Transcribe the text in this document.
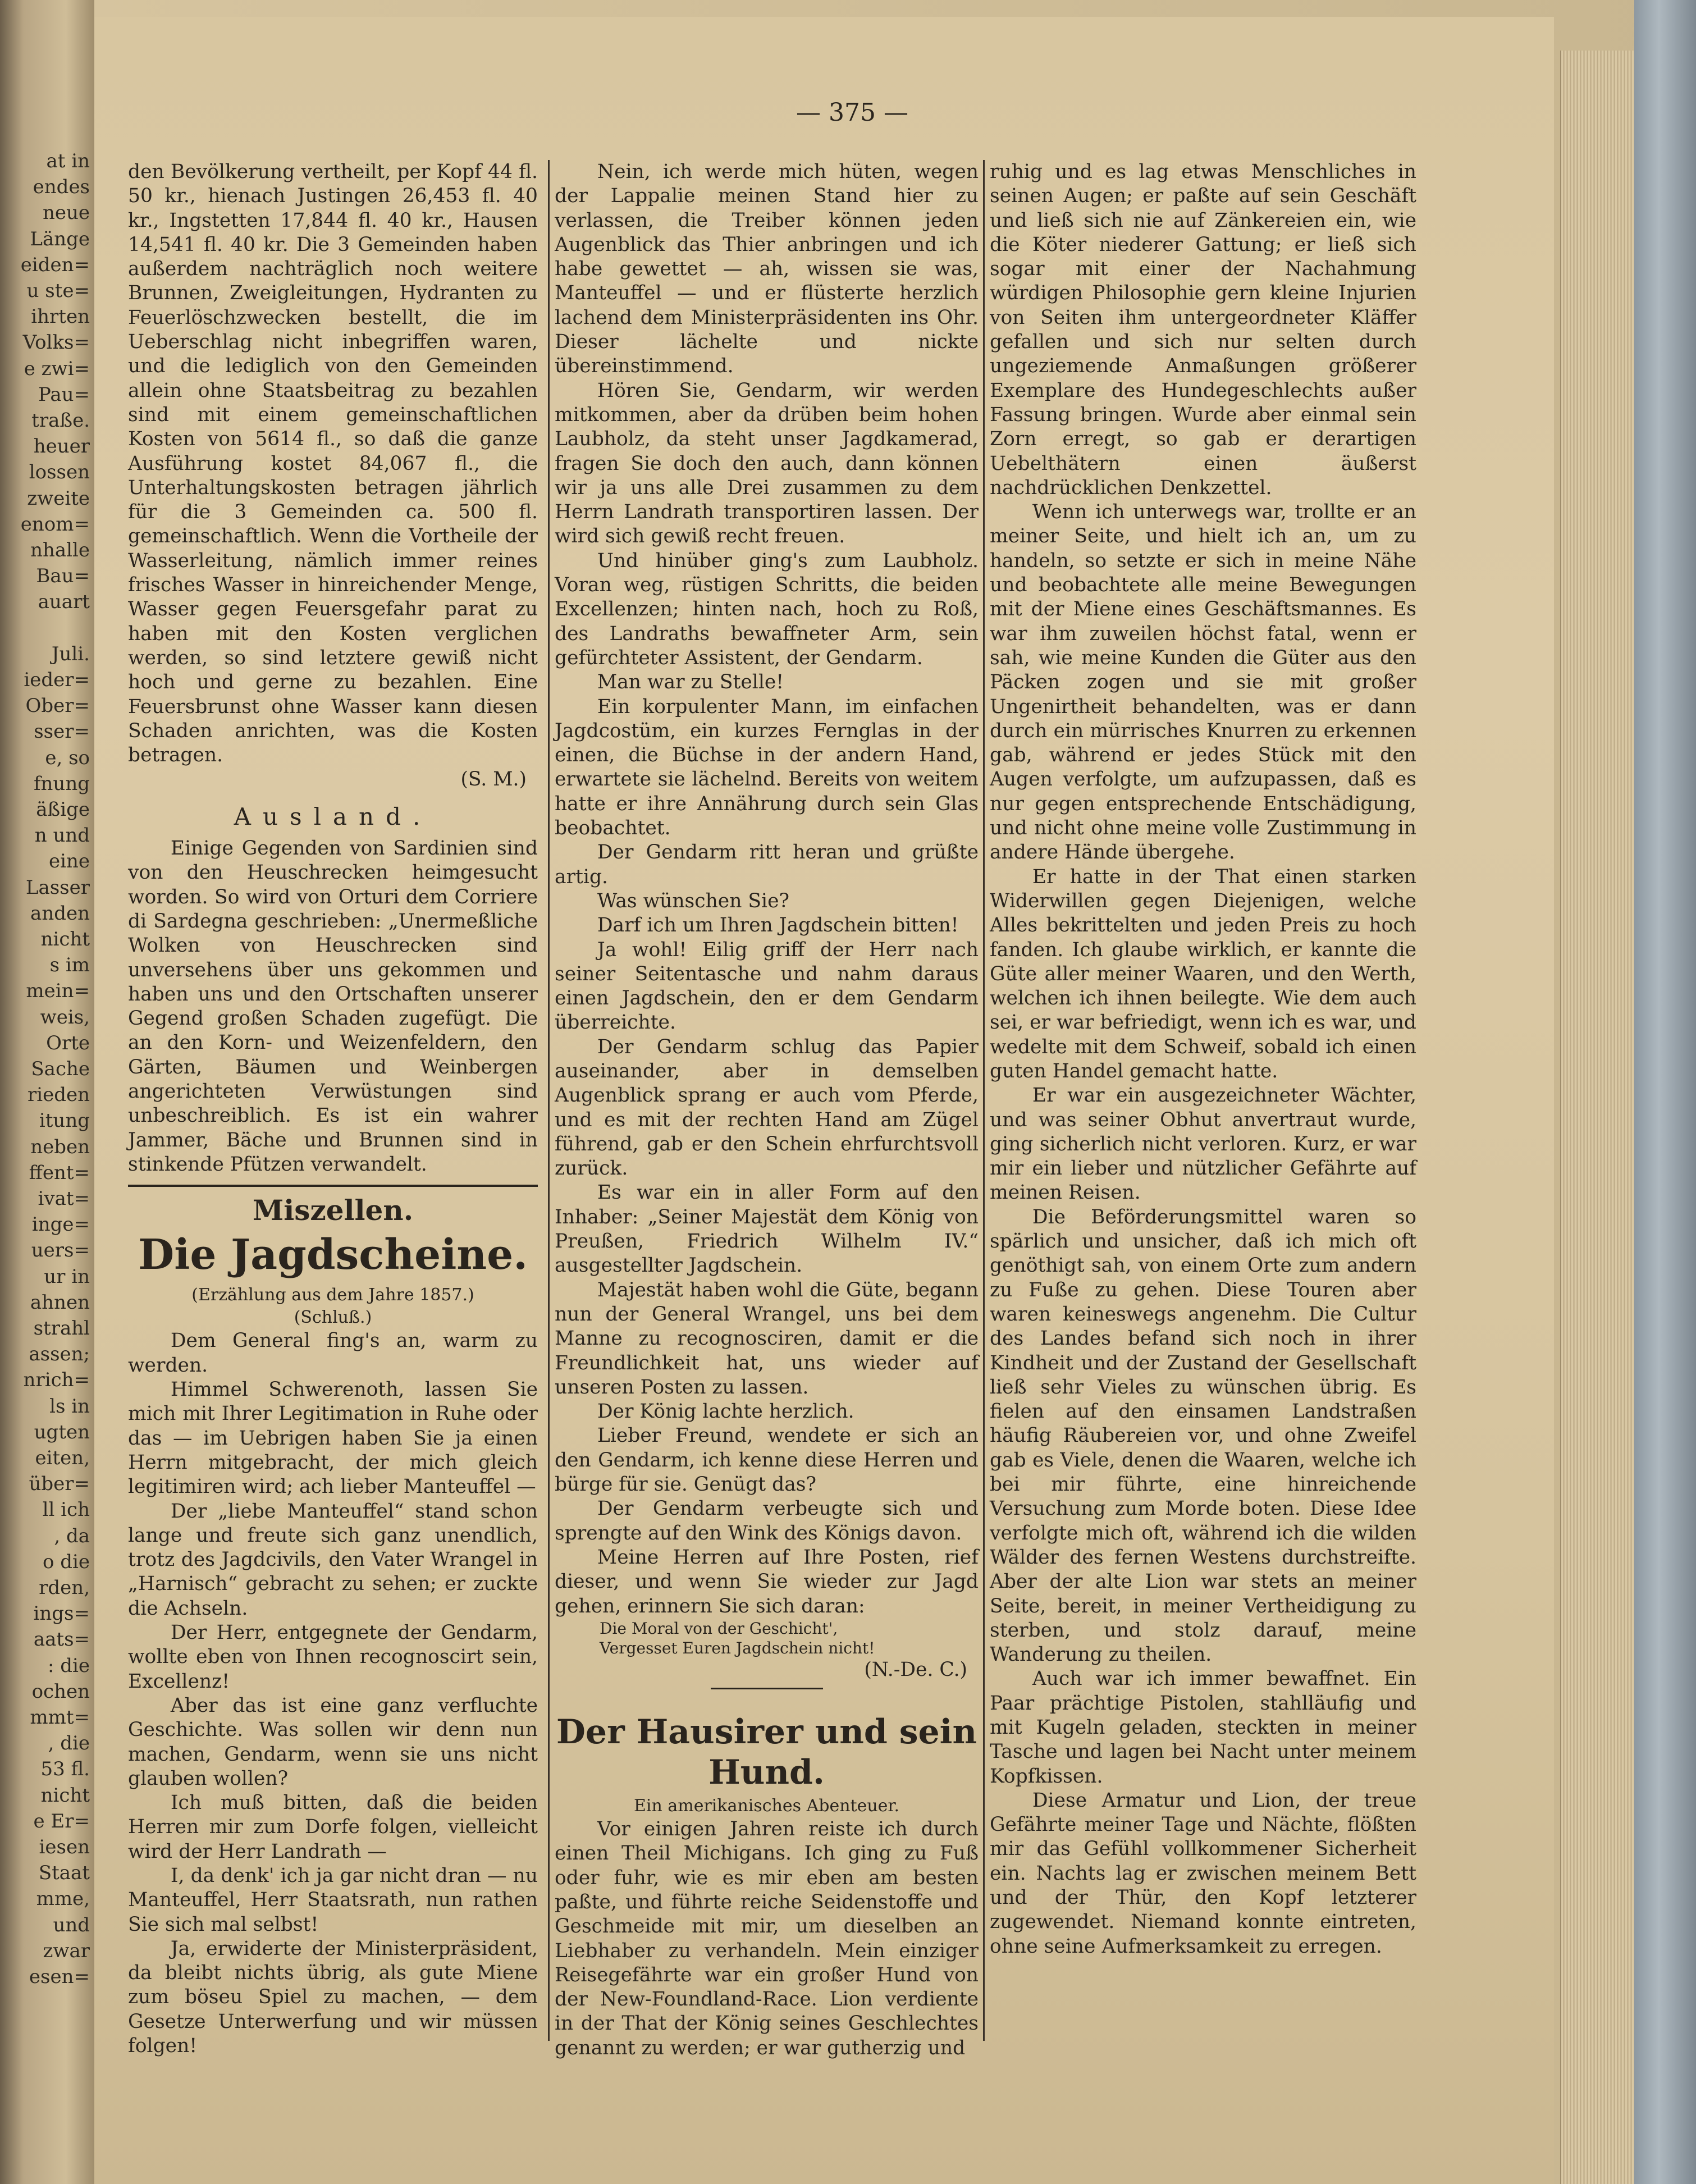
at in
endes
neue
Länge
eiden=
u ste=
ihrten
Volks=
e zwi=
Pau=
traße.
heuer
lossen
zweite
enom=
nhalle
Bau=
auart
Juli.
ieder=
Ober=
sser=
e, so
fnung
äßige
n und
eine
Lasser
anden
nicht
s im
mein=
weis,
Orte
Sache
rieden
itung
neben
ffent=
ivat=
inge=
uers=
ur in
ahnen
strahl
assen;
nrich=
ls in
ugten
eiten,
über=
ll ich
, da
o die
rden,
ings=
aats=
: die
ochen
mmt=
, die
53 fl.
nicht
e Er=
iesen
Staat
mme,
und
zwar
esen=
— 375 —

den Bevölkerung vertheilt, per Kopf 44 fl. 50 kr., hienach Justingen 26,453 fl. 40 kr., Ingstetten 17,844 fl. 40 kr., Hausen 14,541 fl. 40 kr. Die 3 Gemeinden haben außerdem nachträglich noch weitere Brunnen, Zweigleitungen, Hydranten zu Feuerlöschzwecken bestellt, die im Ueberschlag nicht inbegriffen waren, und die lediglich von den Gemeinden allein ohne Staatsbeitrag zu bezahlen sind mit einem gemeinschaftlichen Kosten von 5614 fl., so daß die ganze Ausführung kostet 84,067 fl., die Unterhaltungskosten betragen jährlich für die 3 Gemeinden ca. 500 fl. gemeinschaftlich. Wenn die Vortheile der Wasserleitung, nämlich immer reines frisches Wasser in hinreichender Menge, Wasser gegen Feuersgefahr parat zu haben mit den Kosten verglichen werden, so sind letztere gewiß nicht hoch und gerne zu bezahlen. Eine Feuersbrunst ohne Wasser kann diesen Schaden anrichten, was die Kosten betragen.

(S. M.)

Ausland.

Einige Gegenden von Sardinien sind von den Heuschrecken heimgesucht worden. So wird von Orturi dem Corriere di Sardegna geschrieben: „Unermeßliche Wolken von Heuschrecken sind unversehens über uns gekommen und haben uns und den Ortschaften unserer Gegend großen Schaden zugefügt. Die an den Korn- und Weizenfeldern, den Gärten, Bäumen und Weinbergen angerichteten Verwüstungen sind unbeschreiblich. Es ist ein wahrer Jammer, Bäche und Brunnen sind in stinkende Pfützen verwandelt.

Miszellen.
Die Jagdscheine.
(Erzählung aus dem Jahre 1857.)
(Schluß.)

Dem General fing's an, warm zu werden.

Himmel Schwerenoth, lassen Sie mich mit Ihrer Legitimation in Ruhe oder das — im Uebrigen haben Sie ja einen Herrn mitgebracht, der mich gleich legitimiren wird; ach lieber Manteuffel —

Der „liebe Manteuffel“ stand schon lange und freute sich ganz unendlich, trotz des Jagdcivils, den Vater Wrangel in „Harnisch“ gebracht zu sehen; er zuckte die Achseln.

Der Herr, entgegnete der Gendarm, wollte eben von Ihnen recognoscirt sein, Excellenz!

Aber das ist eine ganz verfluchte Geschichte. Was sollen wir denn nun machen, Gendarm, wenn sie uns nicht glauben wollen?

Ich muß bitten, daß die beiden Herren mir zum Dorfe folgen, vielleicht wird der Herr Landrath —

I, da denk' ich ja gar nicht dran — nu Manteuffel, Herr Staatsrath, nun rathen Sie sich mal selbst!

Ja, erwiderte der Ministerpräsident, da bleibt nichts übrig, als gute Miene zum böseu Spiel zu machen, — dem Gesetze Unterwerfung und wir müssen folgen!

Nein, ich werde mich hüten, wegen der Lappalie meinen Stand hier zu verlassen, die Treiber können jeden Augenblick das Thier anbringen und ich habe gewettet — ah, wissen sie was, Manteuffel — und er flüsterte herzlich lachend dem Ministerpräsidenten ins Ohr. Dieser lächelte und nickte übereinstimmend.

Hören Sie, Gendarm, wir werden mitkommen, aber da drüben beim hohen Laubholz, da steht unser Jagdkamerad, fragen Sie doch den auch, dann können wir ja uns alle Drei zusammen zu dem Herrn Landrath transportiren lassen. Der wird sich gewiß recht freuen.

Und hinüber ging's zum Laubholz. Voran weg, rüstigen Schritts, die beiden Excellenzen; hinten nach, hoch zu Roß, des Landraths bewaffneter Arm, sein gefürchteter Assistent, der Gendarm.

Man war zu Stelle!

Ein korpulenter Mann, im einfachen Jagdcostüm, ein kurzes Fernglas in der einen, die Büchse in der andern Hand, erwartete sie lächelnd. Bereits von weitem hatte er ihre Annährung durch sein Glas beobachtet.

Der Gendarm ritt heran und grüßte artig.

Was wünschen Sie?

Darf ich um Ihren Jagdschein bitten!

Ja wohl! Eilig griff der Herr nach seiner Seitentasche und nahm daraus einen Jagdschein, den er dem Gendarm überreichte.

Der Gendarm schlug das Papier auseinander, aber in demselben Augenblick sprang er auch vom Pferde, und es mit der rechten Hand am Zügel führend, gab er den Schein ehrfurchtsvoll zurück.

Es war ein in aller Form auf den Inhaber: „Seiner Majestät dem König von Preußen, Friedrich Wilhelm IV.“ ausgestellter Jagdschein.

Majestät haben wohl die Güte, begann nun der General Wrangel, uns bei dem Manne zu recognosciren, damit er die Freundlichkeit hat, uns wieder auf unseren Posten zu lassen.

Der König lachte herzlich.

Lieber Freund, wendete er sich an den Gendarm, ich kenne diese Herren und bürge für sie. Genügt das?

Der Gendarm verbeugte sich und sprengte auf den Wink des Königs davon.

Meine Herren auf Ihre Posten, rief dieser, und wenn Sie wieder zur Jagd gehen, erinnern Sie sich daran:

Die Moral von der Geschicht',
Vergesset Euren Jagdschein nicht!

(N.-De. C.)

Der Hausirer und sein Hund.
Ein amerikanisches Abenteuer.

Vor einigen Jahren reiste ich durch einen Theil Michigans. Ich ging zu Fuß oder fuhr, wie es mir eben am besten paßte, und führte reiche Seidenstoffe und Geschmeide mit mir, um dieselben an Liebhaber zu verhandeln. Mein einziger Reisegefährte war ein großer Hund von der New-Foundland-Race. Lion verdiente in der That der König seines Geschlechtes genannt zu werden; er war gutherzig und

ruhig und es lag etwas Menschliches in seinen Augen; er paßte auf sein Geschäft und ließ sich nie auf Zänkereien ein, wie die Köter niederer Gattung; er ließ sich sogar mit einer der Nachahmung würdigen Philosophie gern kleine Injurien von Seiten ihm untergeordneter Kläffer gefallen und sich nur selten durch ungeziemende Anmaßungen größerer Exemplare des Hundegeschlechts außer Fassung bringen. Wurde aber einmal sein Zorn erregt, so gab er derartigen Uebelthätern einen äußerst nachdrücklichen Denkzettel.

Wenn ich unterwegs war, trollte er an meiner Seite, und hielt ich an, um zu handeln, so setzte er sich in meine Nähe und beobachtete alle meine Bewegungen mit der Miene eines Geschäftsmannes. Es war ihm zuweilen höchst fatal, wenn er sah, wie meine Kunden die Güter aus den Päcken zogen und sie mit großer Ungenirtheit behandelten, was er dann durch ein mürrisches Knurren zu erkennen gab, während er jedes Stück mit den Augen verfolgte, um aufzupassen, daß es nur gegen entsprechende Entschädigung, und nicht ohne meine volle Zustimmung in andere Hände übergehe.

Er hatte in der That einen starken Widerwillen gegen Diejenigen, welche Alles bekrittelten und jeden Preis zu hoch fanden. Ich glaube wirklich, er kannte die Güte aller meiner Waaren, und den Werth, welchen ich ihnen beilegte. Wie dem auch sei, er war befriedigt, wenn ich es war, und wedelte mit dem Schweif, sobald ich einen guten Handel gemacht hatte.

Er war ein ausgezeichneter Wächter, und was seiner Obhut anvertraut wurde, ging sicherlich nicht verloren. Kurz, er war mir ein lieber und nützlicher Gefährte auf meinen Reisen.

Die Beförderungsmittel waren so spärlich und unsicher, daß ich mich oft genöthigt sah, von einem Orte zum andern zu Fuße zu gehen. Diese Touren aber waren keineswegs angenehm. Die Cultur des Landes befand sich noch in ihrer Kindheit und der Zustand der Gesellschaft ließ sehr Vieles zu wünschen übrig. Es fielen auf den einsamen Landstraßen häufig Räubereien vor, und ohne Zweifel gab es Viele, denen die Waaren, welche ich bei mir führte, eine hinreichende Versuchung zum Morde boten. Diese Idee verfolgte mich oft, während ich die wilden Wälder des fernen Westens durchstreifte. Aber der alte Lion war stets an meiner Seite, bereit, in meiner Vertheidigung zu sterben, und stolz darauf, meine Wanderung zu theilen.

Auch war ich immer bewaffnet. Ein Paar prächtige Pistolen, stahlläufig und mit Kugeln geladen, steckten in meiner Tasche und lagen bei Nacht unter meinem Kopfkissen.

Diese Armatur und Lion, der treue Gefährte meiner Tage und Nächte, flößten mir das Gefühl vollkommener Sicherheit ein. Nachts lag er zwischen meinem Bett und der Thür, den Kopf letzterer zugewendet. Niemand konnte eintreten, ohne seine Aufmerksamkeit zu erregen.
